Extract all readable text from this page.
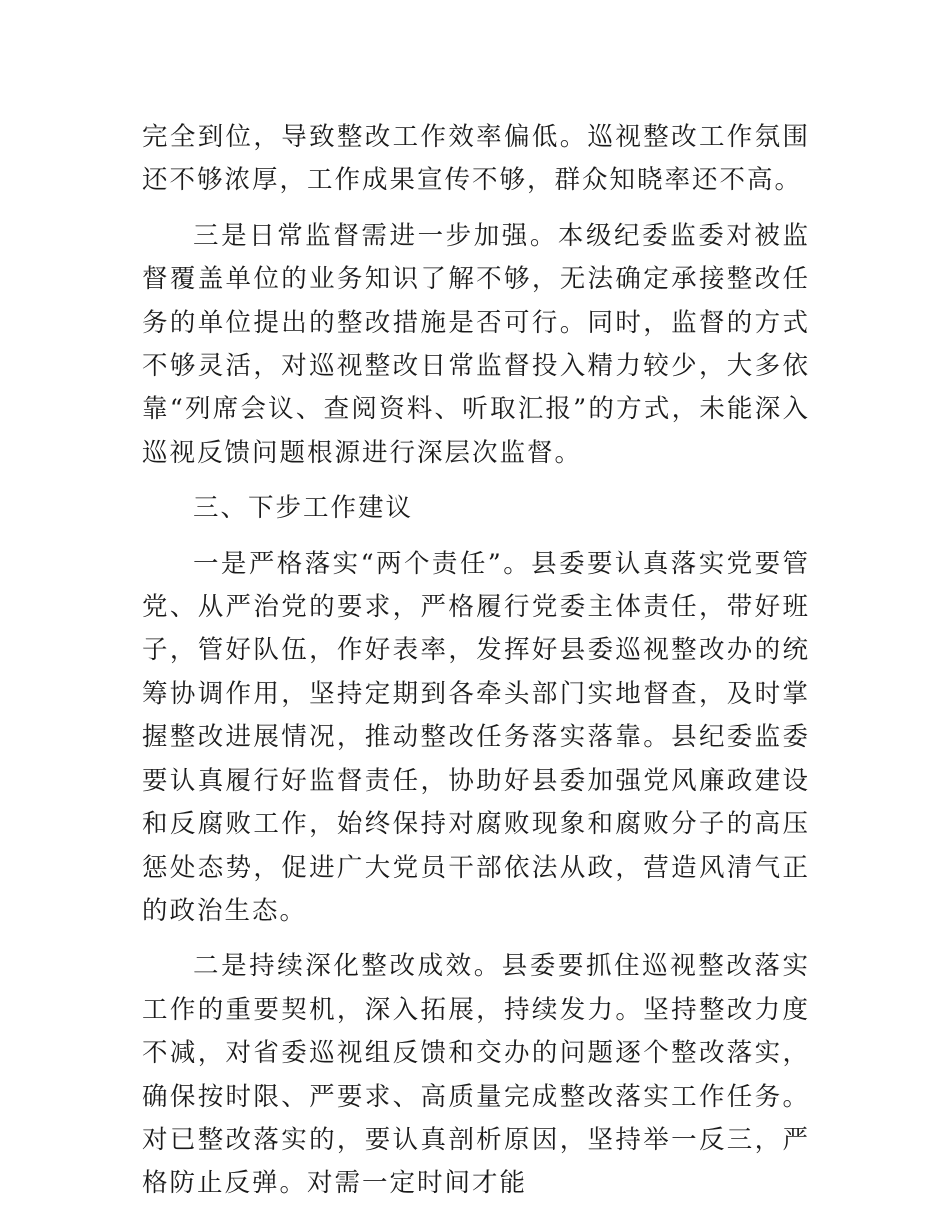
完全到位，导致整改工作效率偏低。巡视整改工作氛围还不够浓厚，工作成果宣传不够，群众知晓率还不高。

三是日常监督需进一步加强。本级纪委监委对被监督覆盖单位的业务知识了解不够，无法确定承接整改任务的单位提出的整改措施是否可行。同时，监督的方式不够灵活，对巡视整改日常监督投入精力较少，大多依靠“列席会议、查阅资料、听取汇报”的方式，未能深入巡视反馈问题根源进行深层次监督。

三、下步工作建议

一是严格落实“两个责任”。县委要认真落实党要管党、从严治党的要求，严格履行党委主体责任，带好班子，管好队伍，作好表率，发挥好县委巡视整改办的统筹协调作用，坚持定期到各牵头部门实地督查，及时掌握整改进展情况，推动整改任务落实落靠。县纪委监委要认真履行好监督责任，协助好县委加强党风廉政建设和反腐败工作，始终保持对腐败现象和腐败分子的高压惩处态势，促进广大党员干部依法从政，营造风清气正的政治生态。

二是持续深化整改成效。县委要抓住巡视整改落实工作的重要契机，深入拓展，持续发力。坚持整改力度不减，对省委巡视组反馈和交办的问题逐个整改落实，确保按时限、严要求、高质量完成整改落实工作任务。对已整改落实的，要认真剖析原因，坚持举一反三，严格防止反弹。对需一定时间才能
